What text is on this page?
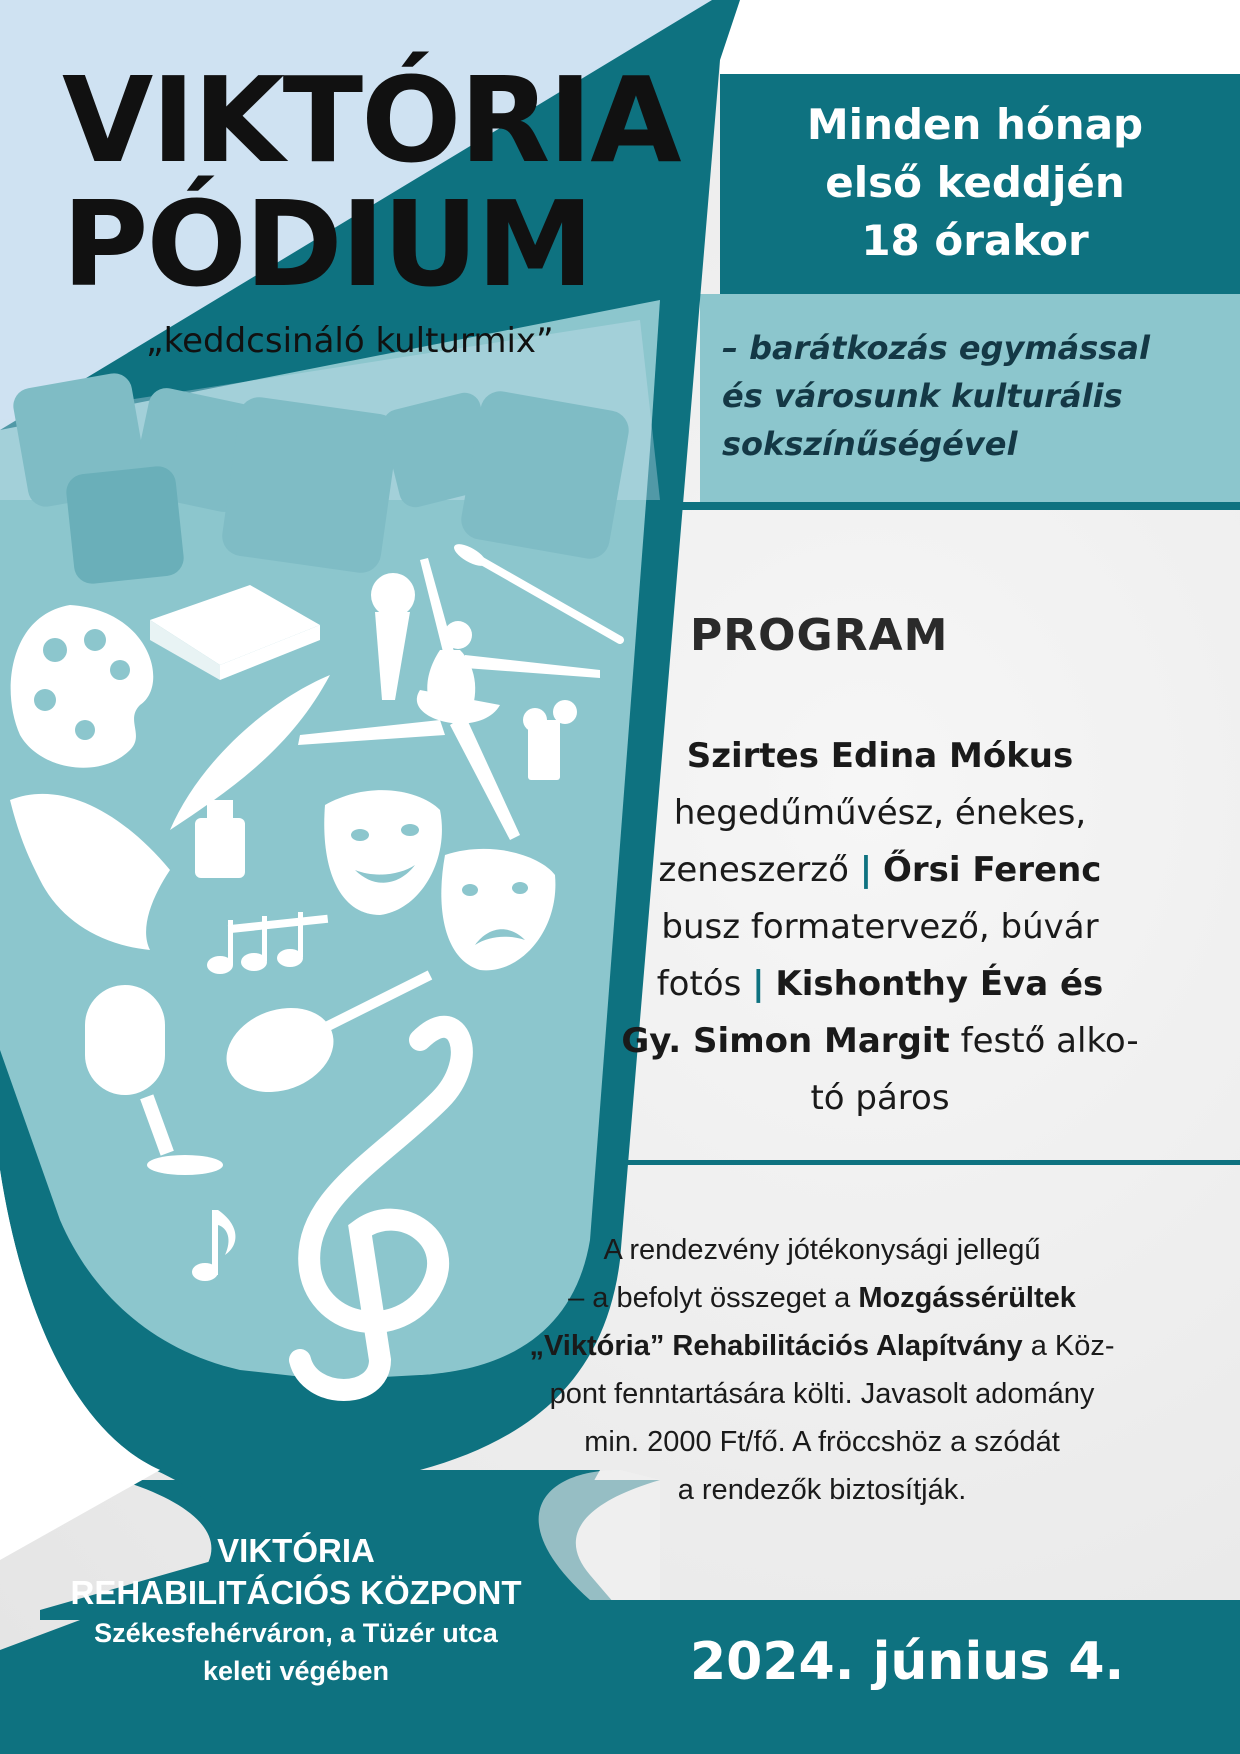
VIKTÓRIA
PÓDIUM
„keddcsináló kulturmix”
Minden hónap
első keddjén
18 órakor
– barátkozás egymással
és városunk kulturális
sokszínűségével
PROGRAM
Szirtes Edina Mókus
hegedűművész, énekes,
zeneszerző | Őrsi Ferenc
busz formatervező, búvár
fotós | Kishonthy Éva és
Gy. Simon Margit festő alko-
tó páros
A rendezvény jótékonysági jellegű
– a befolyt összeget a Mozgássérültek
„Viktória” Rehabilitációs Alapítvány a Köz-
pont fenntartására költi. Javasolt adomány
min. 2000 Ft/fő. A fröccshöz a szódát
a rendezők biztosítják.
VIKTÓRIA
REHABILITÁCIÓS KÖZPONT
Székesfehérváron, a Tüzér utca
keleti végében	2024. június 4.
